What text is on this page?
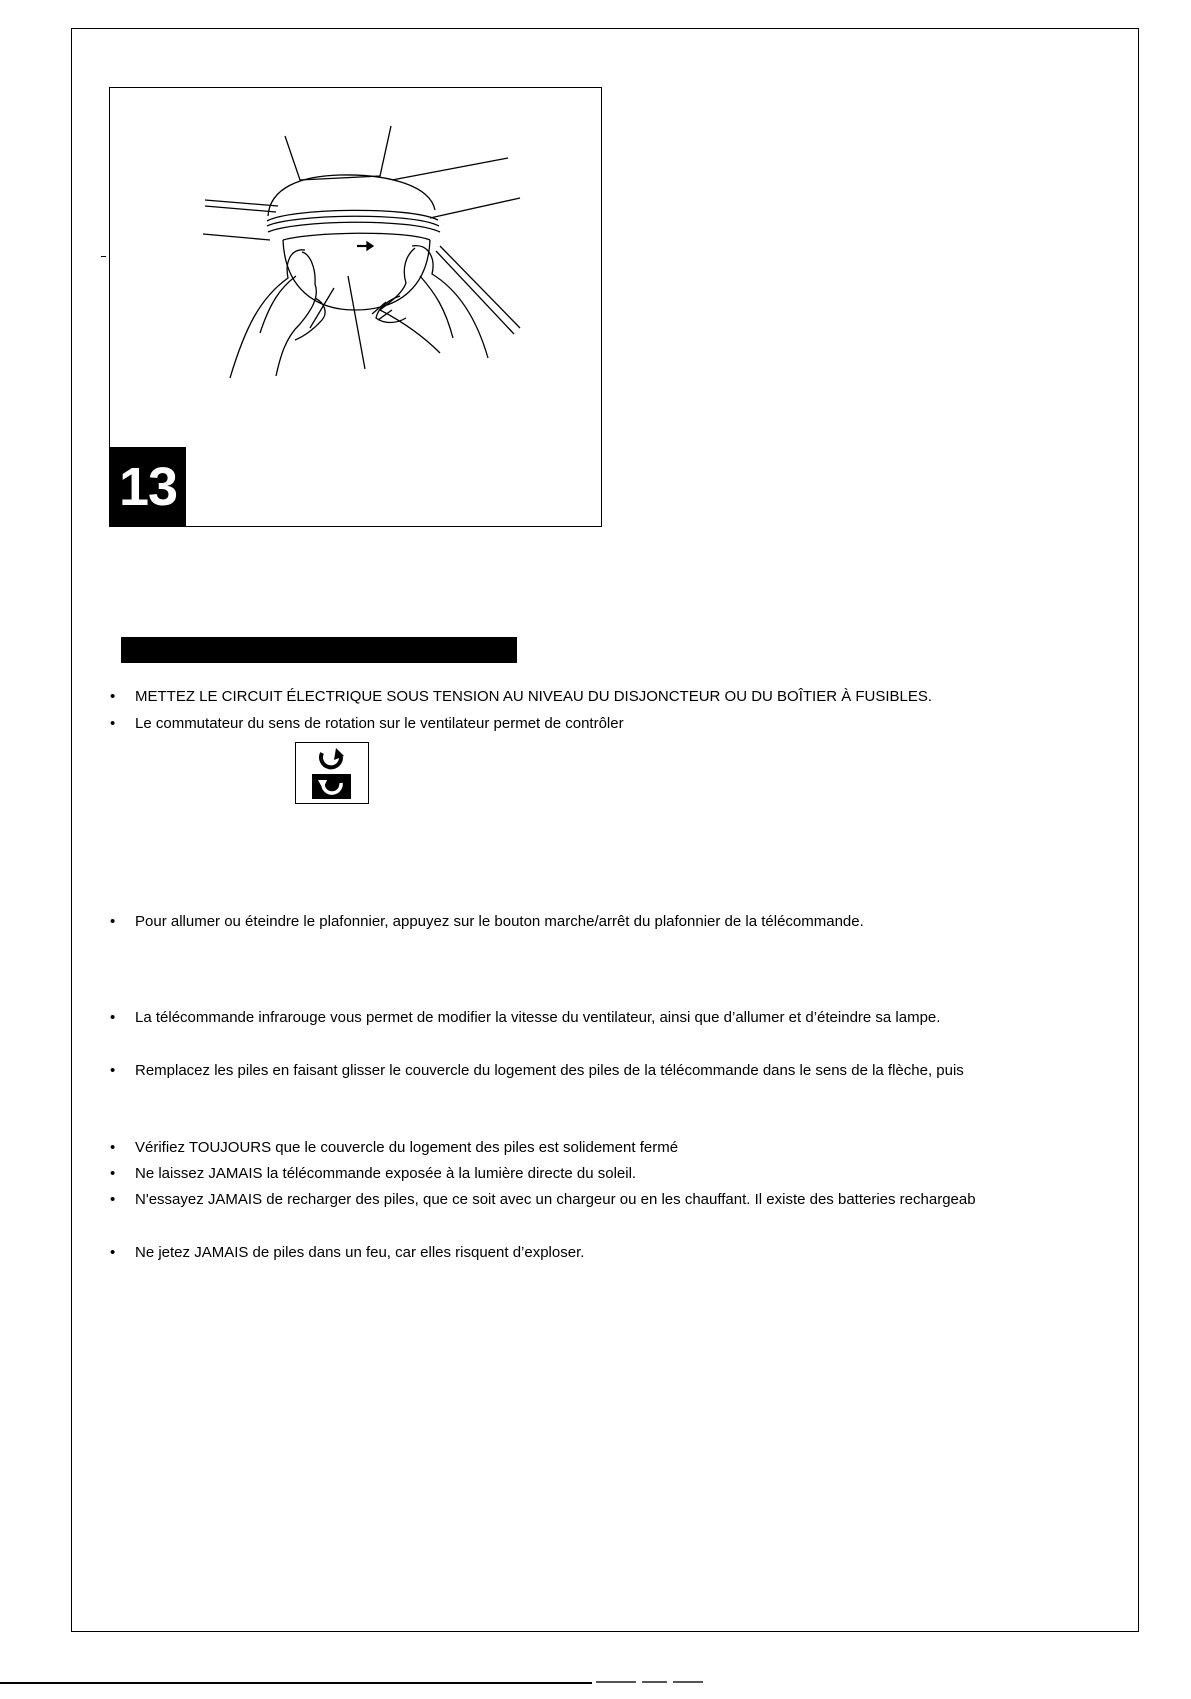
13
• METTEZ LE CIRCUIT ÉLECTRIQUE SOUS TENSION AU NIVEAU DU DISJONCTEUR OU DU BOÎTIER À FUSIBLES.
• Le commutateur du sens de rotation sur le ventilateur permet de contrôler
• Pour allumer ou éteindre le plafonnier, appuyez sur le bouton marche/arrêt du plafonnier de la télécommande.
• La télécommande infrarouge vous permet de modifier la vitesse du ventilateur, ainsi que d’allumer et d’éteindre sa lampe.
• Remplacez les piles en faisant glisser le couvercle du logement des piles de la télécommande dans le sens de la flèche, puis
• Vérifiez TOUJOURS que le couvercle du logement des piles est solidement fermé
• Ne laissez JAMAIS la télécommande exposée à la lumière directe du soleil.
• N'essayez JAMAIS de recharger des piles, que ce soit avec un chargeur ou en les chauffant. Il existe des batteries rechargeab
• Ne jetez JAMAIS de piles dans un feu, car elles risquent d’exploser.
